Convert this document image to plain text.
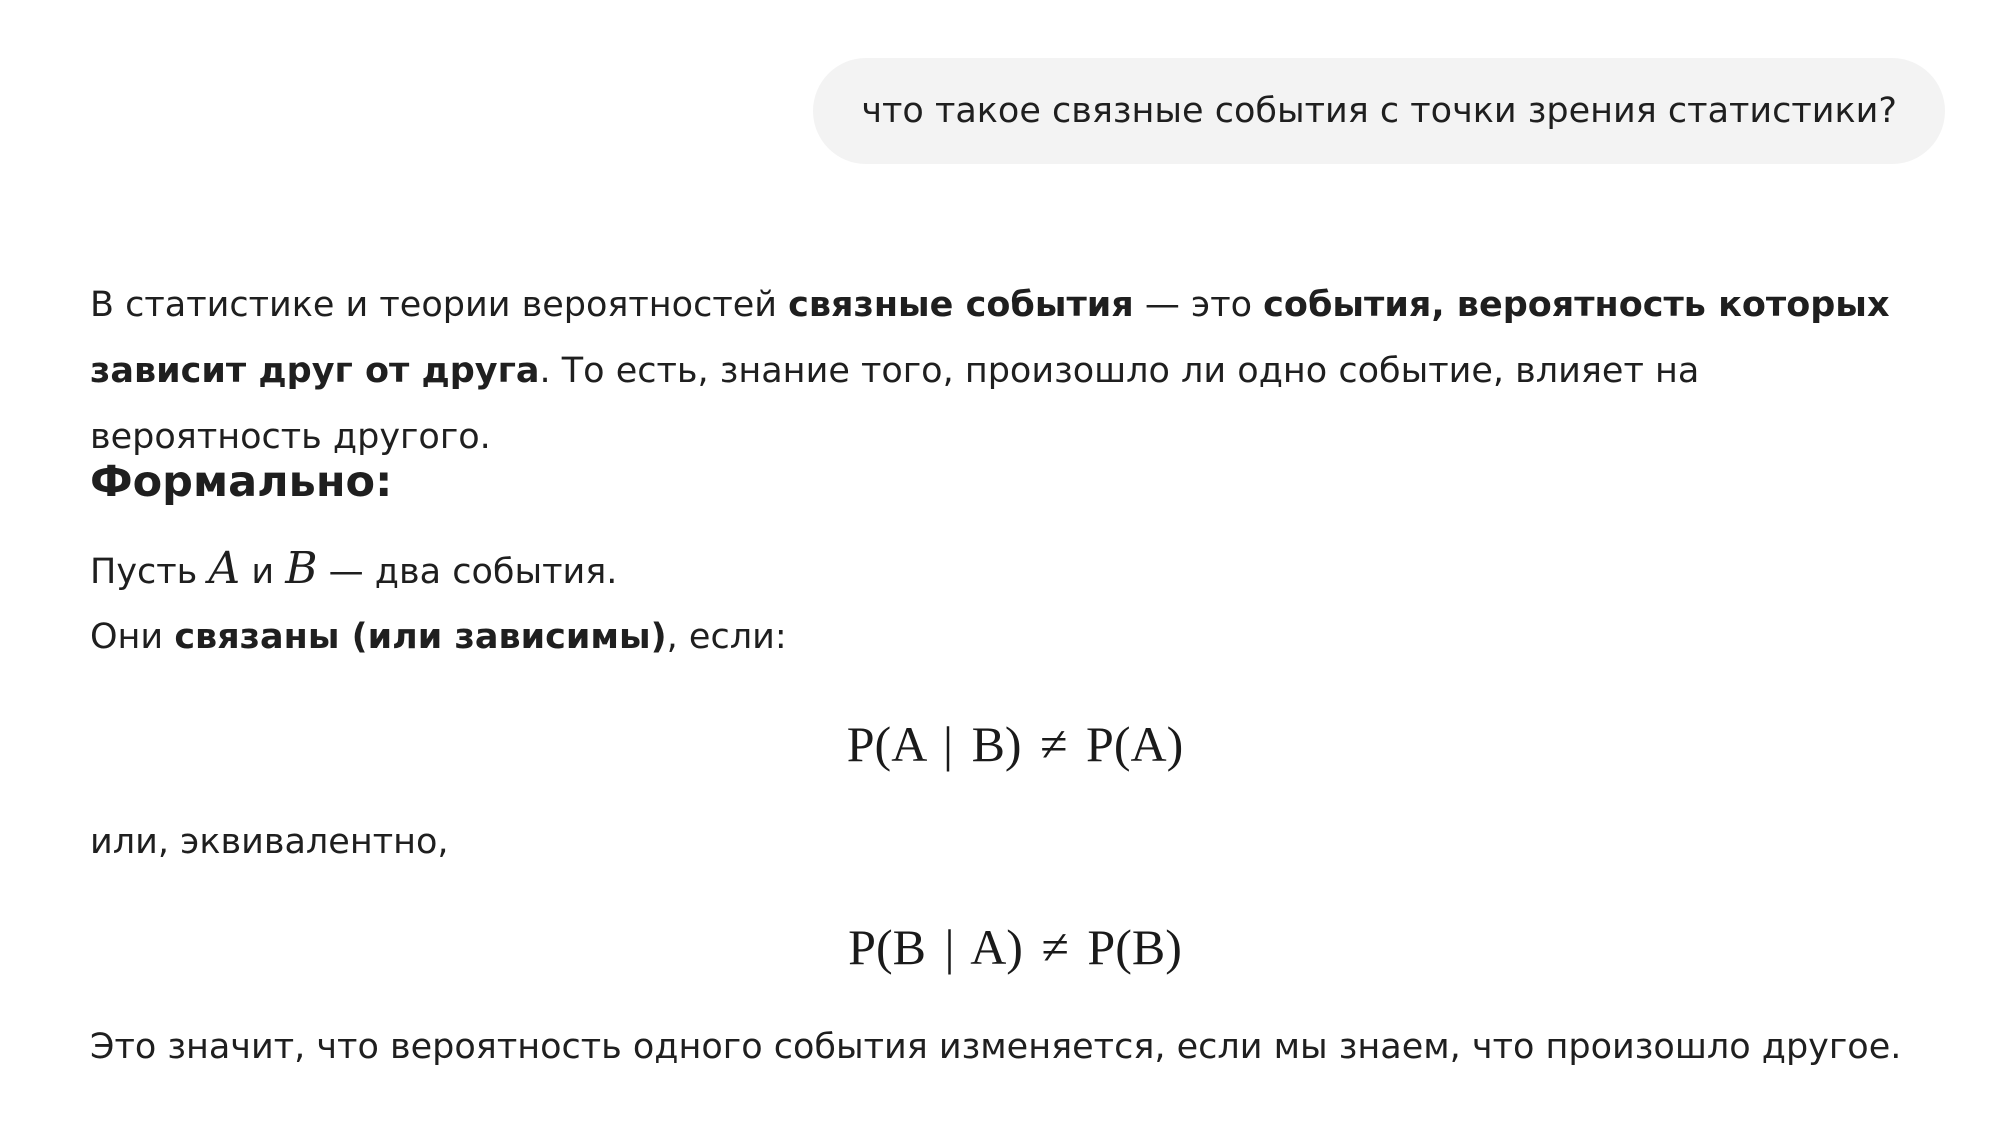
что такое связные события с точки зрения статистики?

В статистике и теории вероятностей связные события — это события, вероятность которых зависит друг от друга. То есть, знание того, произошло ли одно событие, влияет на вероятность другого.

Формально:

Пусть A и B — два события.

Они связаны (или зависимы), если:

P(A | B) ≠ P(A)

или, эквивалентно,

P(B | A) ≠ P(B)

Это значит, что вероятность одного события изменяется, если мы знаем, что произошло другое.
